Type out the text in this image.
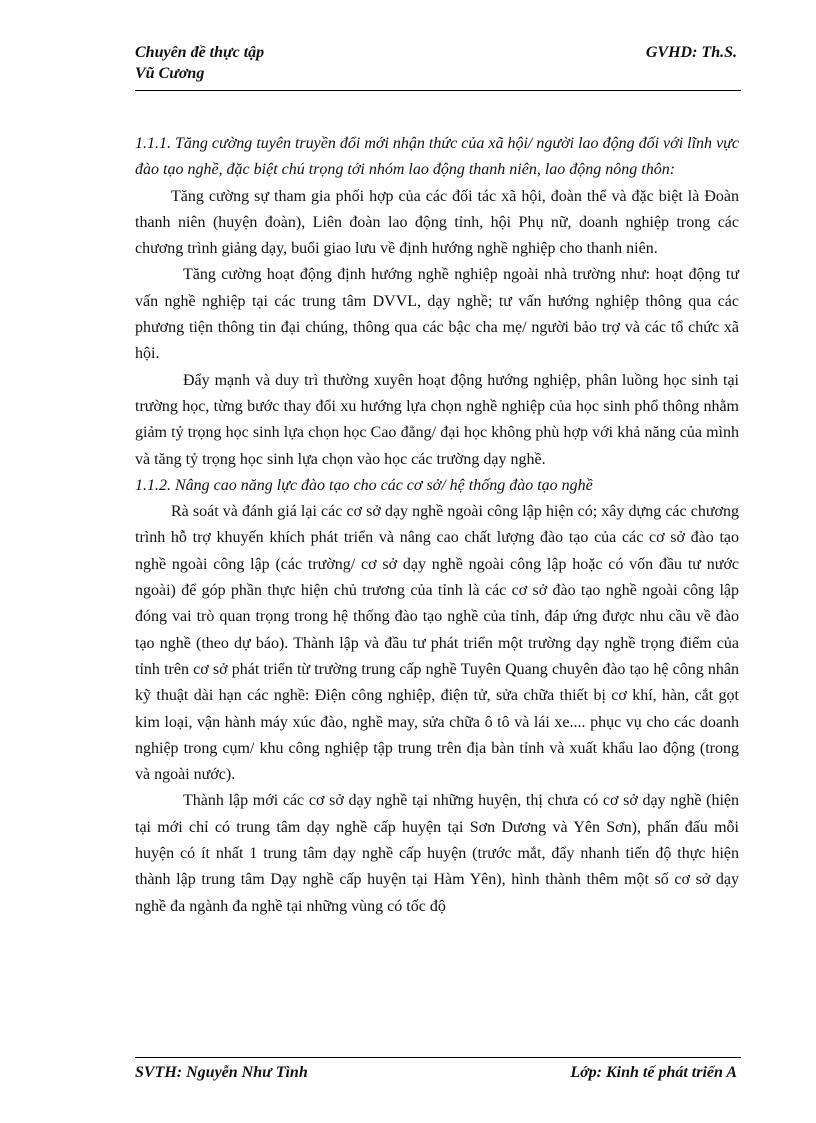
Chuyên đề thực tập
Vũ Cương
GVHD: Th.S.

1.1.1. Tăng cường tuyên truyền đổi mới nhận thức của xã hội/ người lao động đối với lĩnh vực đào tạo nghề, đặc biệt chú trọng tới nhóm lao động thanh niên, lao động nông thôn:

Tăng cường sự tham gia phối hợp của các đối tác xã hội, đoàn thể và đặc biệt là Đoàn thanh niên (huyện đoàn), Liên đoàn lao động tỉnh, hội Phụ nữ, doanh nghiệp trong các chương trình giảng dạy, buổi giao lưu về định hướng nghề nghiệp cho thanh niên.

Tăng cường hoạt động định hướng nghề nghiệp ngoài nhà trường như: hoạt động tư vấn nghề nghiệp tại các trung tâm DVVL, dạy nghề; tư vấn hướng nghiệp thông qua các phương tiện thông tin đại chúng, thông qua các bậc cha mẹ/ người bảo trợ và các tổ chức xã hội.

Đẩy mạnh và duy trì thường xuyên hoạt động hướng nghiệp, phân luồng học sinh tại trường học, từng bước thay đổi xu hướng lựa chọn nghề nghiệp của học sinh phổ thông nhằm giảm tỷ trọng học sinh lựa chọn học Cao đẳng/ đại học không phù hợp với khả năng của mình và tăng tỷ trọng học sinh lựa chọn vào học các trường dạy nghề.

1.1.2. Nâng cao năng lực đào tạo cho các cơ sở/ hệ thống đào tạo nghề

Rà soát và đánh giá lại các cơ sở dạy nghề ngoài công lập hiện có; xây dựng các chương trình hỗ trợ khuyến khích phát triển và nâng cao chất lượng đào tạo của các cơ sở đào tạo nghề ngoài công lập (các trường/ cơ sở dạy nghề ngoài công lập hoặc có vốn đầu tư nước ngoài) để góp phần thực hiện chủ trương của tỉnh là các cơ sở đào tạo nghề ngoài công lập đóng vai trò quan trọng trong hệ thống đào tạo nghề của tỉnh, đáp ứng được nhu cầu về đào tạo nghề (theo dự báo). Thành lập và đầu tư phát triển một trường dạy nghề trọng điểm của tỉnh trên cơ sở phát triển từ trường trung cấp nghề Tuyên Quang chuyên đào tạo hệ công nhân kỹ thuật dài hạn các nghề: Điện công nghiệp, điện tử, sửa chữa thiết bị cơ khí, hàn, cắt gọt kim loại, vận hành máy xúc đào, nghề may, sửa chữa ô tô và lái xe.... phục vụ cho các doanh nghiệp trong cụm/ khu công nghiệp tập trung trên địa bàn tỉnh và xuất khẩu lao động (trong và ngoài nước).

Thành lập mới các cơ sở dạy nghề tại những huyện, thị chưa có cơ sở dạy nghề (hiện tại mới chỉ có trung tâm dạy nghề cấp huyện tại Sơn Dương và Yên Sơn), phấn đấu mỗi huyện có ít nhất 1 trung tâm dạy nghề cấp huyện (trước mắt, đẩy nhanh tiến độ thực hiện thành lập trung tâm Dạy nghề cấp huyện tại Hàm Yên), hình thành thêm một số cơ sở dạy nghề đa ngành đa nghề tại những vùng có tốc độ

SVTH: Nguyễn Như Tình	Lớp: Kinh tế phát triển A
